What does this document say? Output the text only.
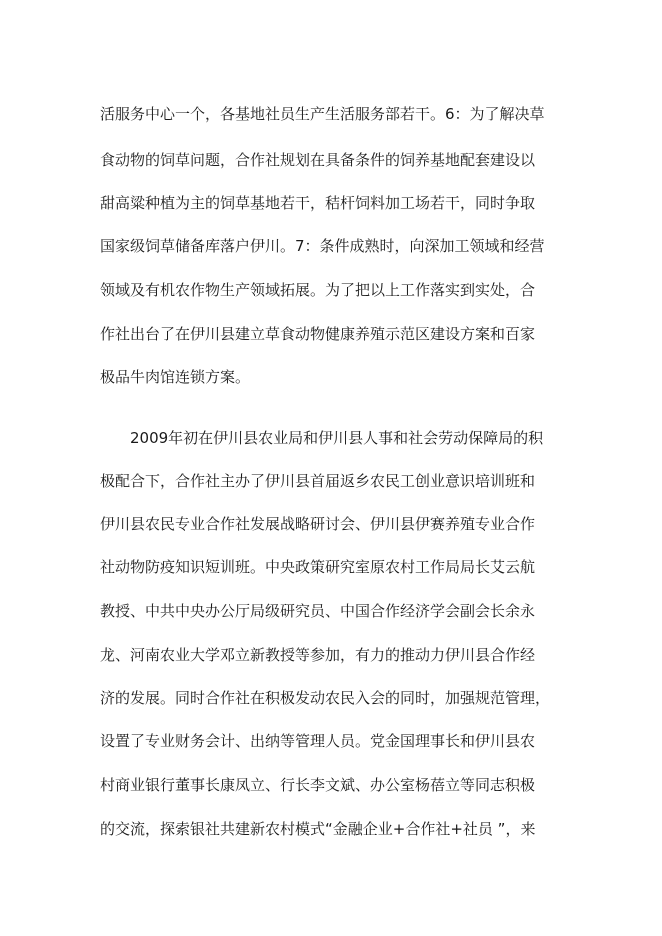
活服务中心一个，各基地社员生产生活服务部若干。6：为了解决草
食动物的饲草问题，合作社规划在具备条件的饲养基地配套建设以
甜高粱种植为主的饲草基地若干，秸杆饲料加工场若干，同时争取
国家级饲草储备库落户伊川。7：条件成熟时，向深加工领域和经营
领域及有机农作物生产领域拓展。为了把以上工作落实到实处，合
作社出台了在伊川县建立草食动物健康养殖示范区建设方案和百家
极品牛肉馆连锁方案。
2009年初在伊川县农业局和伊川县人事和社会劳动保障局的积
极配合下，合作社主办了伊川县首届返乡农民工创业意识培训班和
伊川县农民专业合作社发展战略研讨会、伊川县伊赛养殖专业合作
社动物防疫知识短训班。中央政策研究室原农村工作局局长艾云航
教授、中共中央办公厅局级研究员、中国合作经济学会副会长余永
龙、河南农业大学邓立新教授等参加，有力的推动力伊川县合作经
济的发展。同时合作社在积极发动农民入会的同时，加强规范管理，
设置了专业财务会计、出纳等管理人员。党金国理事长和伊川县农
村商业银行董事长康凤立、行长李文斌、办公室杨蓓立等同志积极
的交流，探索银社共建新农村模式“金融企业+合作社+社员 ”，来
